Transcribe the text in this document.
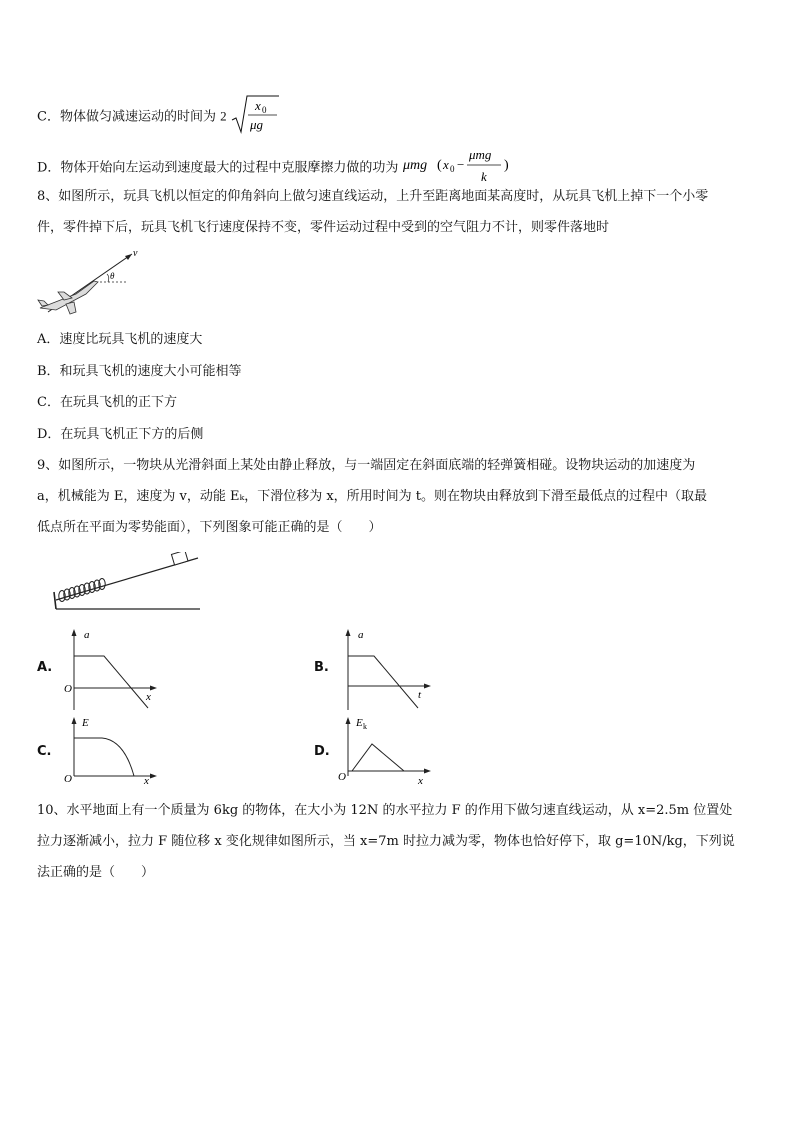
C．物体做匀减速运动的时间为 2
x 0
μg
D．物体开始向左运动到速度最大的过程中克服摩擦力做的功为 μmg ( x 0 −
μmg
k
)
8、如图所示，玩具飞机以恒定的仰角斜向上做匀速直线运动，上升至距离地面某高度时，从玩具飞机上掉下一个小零
件，零件掉下后，玩具飞机飞行速度保持不变，零件运动过程中受到的空气阻力不计，则零件落地时
v
θ
A．速度比玩具飞机的速度大
B．和玩具飞机的速度大小可能相等
C．在玩具飞机的正下方
D．在玩具飞机正下方的后侧
9、如图所示，一物块从光滑斜面上某处由静止释放，与一端固定在斜面底端的轻弹簧相碰。设物块运动的加速度为
a，机械能为 E，速度为 v，动能 Eₖ，下滑位移为 x，所用时间为 t。则在物块由释放到下滑至最低点的过程中（取最
低点所在平面为零势能面），下列图象可能正确的是（　　）
A.
a
x
O
B.
a
t
C.
E
x
O
D.
E k
x
O
10、水平地面上有一个质量为 6kg 的物体，在大小为 12N 的水平拉力 F 的作用下做匀速直线运动，从 x=2.5m 位置处
拉力逐渐减小，拉力 F 随位移 x 变化规律如图所示，当 x=7m 时拉力减为零，物体也恰好停下，取 g=10N/kg，下列说
法正确的是（　　）
